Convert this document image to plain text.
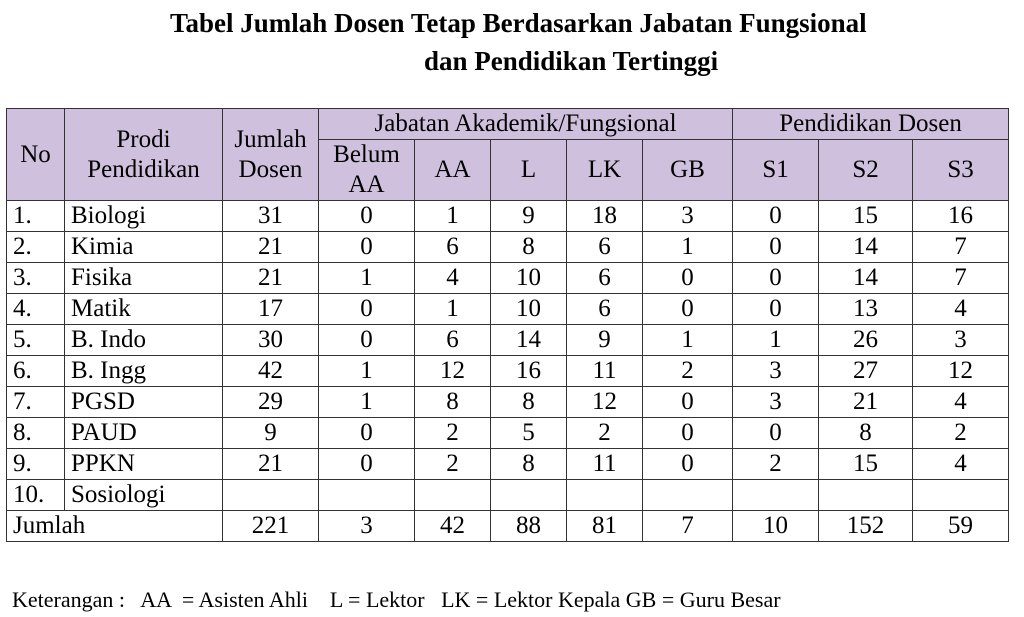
Tabel Jumlah Dosen Tetap Berdasarkan Jabatan Fungsional
dan Pendidikan Tertinggi
No	Prodi Pendidikan	Jumlah Dosen	Jabatan Akademik/Fungsional					Pendidikan Dosen		
			Belum AA	AA	L	LK	GB	S1	S2	S3
1.	Biologi	31	0	1	9	18	3	0	15	16
2.	Kimia	21	0	6	8	6	1	0	14	7
3.	Fisika	21	1	4	10	6	0	0	14	7
4.	Matik	17	0	1	10	6	0	0	13	4
5.	B. Indo	30	0	6	14	9	1	1	26	3
6.	B. Ingg	42	1	12	16	11	2	3	27	12
7.	PGSD	29	1	8	8	12	0	3	21	4
8.	PAUD	9	0	2	5	2	0	0	8	2
9.	PPKN	21	0	2	8	11	0	2	15	4
10.	Sosiologi									
Jumlah		221	3	42	88	81	7	10	152	59
Keterangan :   AA  = Asisten Ahli    L = Lektor   LK = Lektor Kepala GB = Guru Besar
